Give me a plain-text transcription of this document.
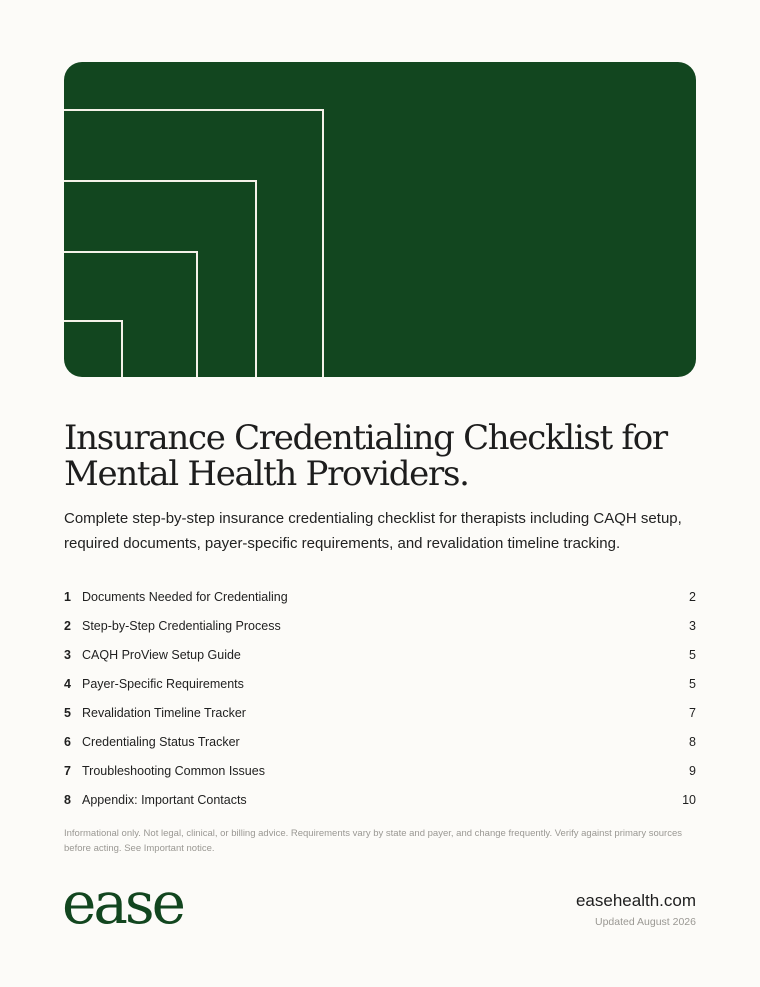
Insurance Credentialing Checklist for Mental Health Providers.

Complete step-by-step insurance credentialing checklist for therapists including CAQH setup, required documents, payer-specific requirements, and revalidation timeline tracking.

1 Documents Needed for Credentialing	2
2 Step-by-Step Credentialing Process	3
3 CAQH ProView Setup Guide	5
4 Payer-Specific Requirements	5
5 Revalidation Timeline Tracker	7
6 Credentialing Status Tracker	8
7 Troubleshooting Common Issues	9
8 Appendix: Important Contacts	10

Informational only. Not legal, clinical, or billing advice. Requirements vary by state and payer, and change frequently. Verify against primary sources before acting. See Important notice.

ease	easehealth.com
Updated August 2026
